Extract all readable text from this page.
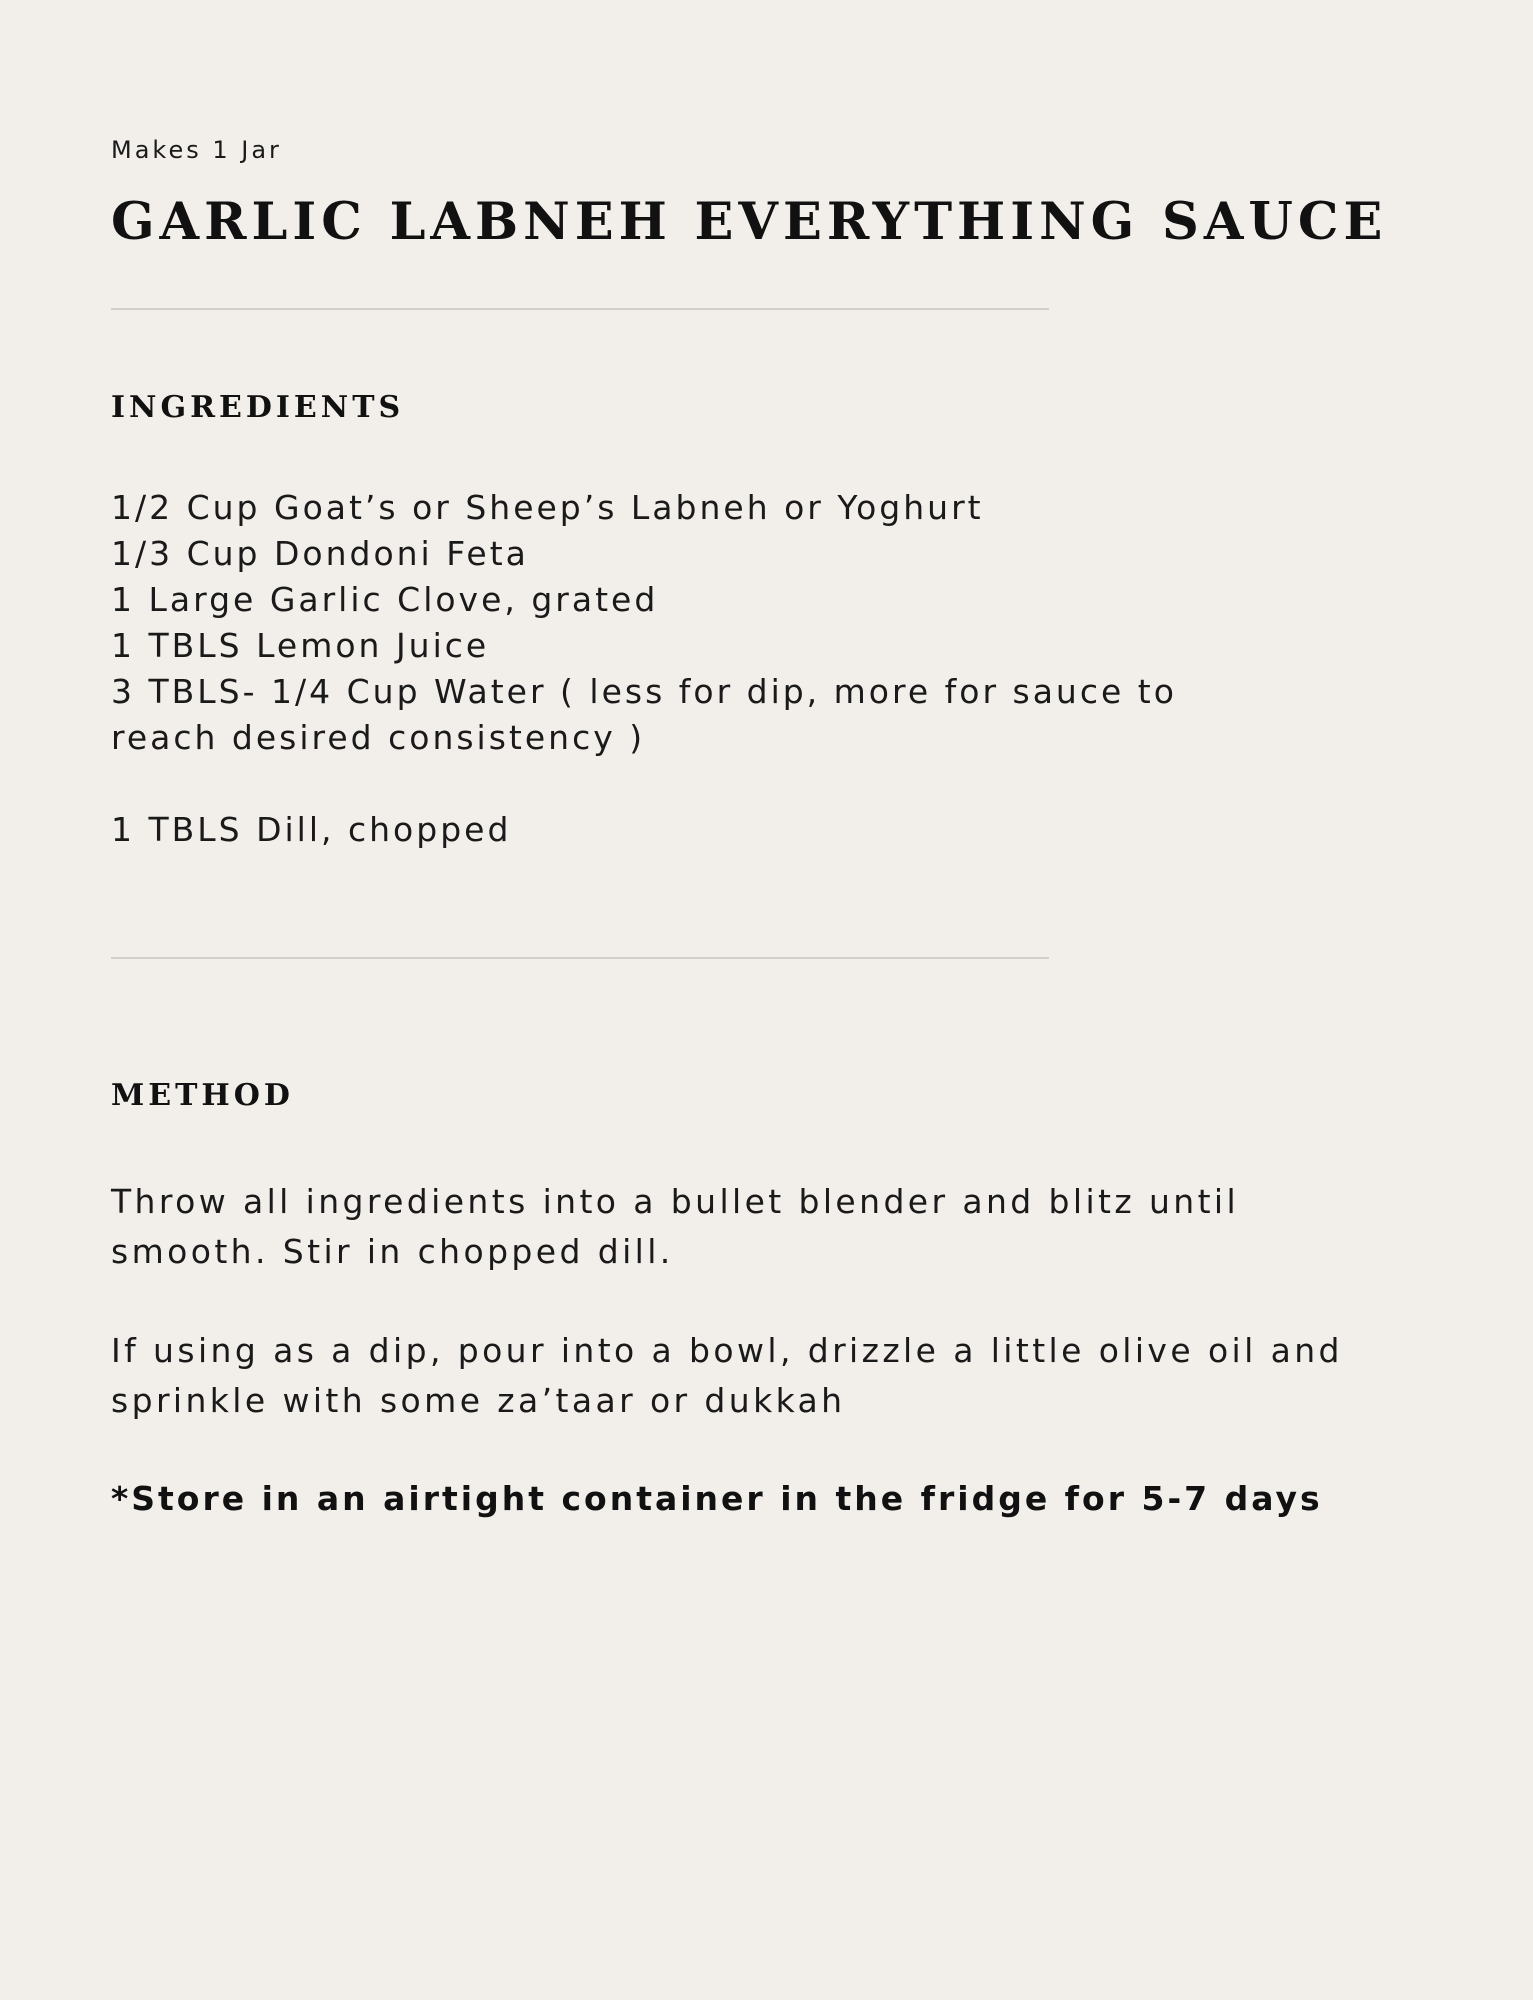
Makes 1 Jar
GARLIC LABNEH EVERYTHING SAUCE
INGREDIENTS
1/2 Cup Goat’s or Sheep’s Labneh or Yoghurt
1/3 Cup Dondoni Feta
1 Large Garlic Clove, grated
1 TBLS Lemon Juice
3 TBLS- 1/4 Cup Water ( less for dip, more for sauce to
reach desired consistency )
1 TBLS Dill, chopped
METHOD

Throw all ingredients into a bullet blender and blitz until smooth. Stir in chopped dill.

If using as a dip, pour into a bowl, drizzle a little olive oil and sprinkle with some za’taar or dukkah

*Store in an airtight container in the fridge for 5-7 days
